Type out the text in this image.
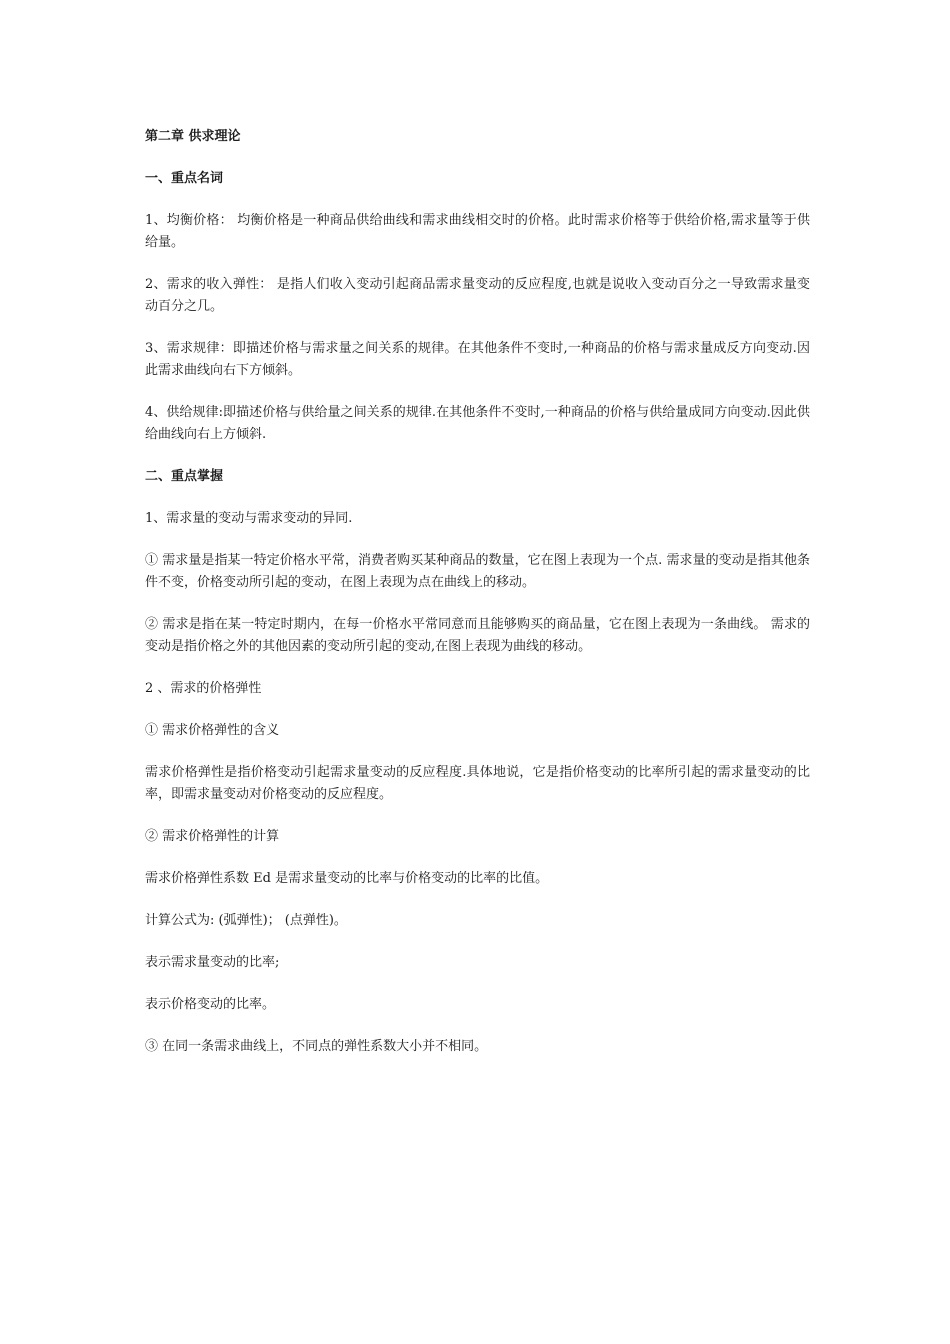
第二章 供求理论
一、重点名词

1、均衡价格： 均衡价格是一种商品供给曲线和需求曲线相交时的价格。此时需求价格等于供给价格,需求量等于供给量。

2、需求的收入弹性： 是指人们收入变动引起商品需求量变动的反应程度,也就是说收入变动百分之一导致需求量变动百分之几。

3、需求规律：即描述价格与需求量之间关系的规律。在其他条件不变时,一种商品的价格与需求量成反方向变动.因此需求曲线向右下方倾斜。

4、供给规律:即描述价格与供给量之间关系的规律.在其他条件不变时,一种商品的价格与供给量成同方向变动.因此供给曲线向右上方倾斜.

二、重点掌握

1、需求量的变动与需求变动的异同.

① 需求量是指某一特定价格水平常，消费者购买某种商品的数量，它在图上表现为一个点. 需求量的变动是指其他条件不变，价格变动所引起的变动，在图上表现为点在曲线上的移动。

② 需求是指在某一特定时期内，在每一价格水平常同意而且能够购买的商品量，它在图上表现为一条曲线。 需求的变动是指价格之外的其他因素的变动所引起的变动,在图上表现为曲线的移动。

2 、需求的价格弹性

① 需求价格弹性的含义

需求价格弹性是指价格变动引起需求量变动的反应程度.具体地说，它是指价格变动的比率所引起的需求量变动的比率，即需求量变动对价格变动的反应程度。

② 需求价格弹性的计算

需求价格弹性系数 Ed 是需求量变动的比率与价格变动的比率的比值。

计算公式为: (弧弹性)； (点弹性)。

表示需求量变动的比率;

表示价格变动的比率。

③ 在同一条需求曲线上，不同点的弹性系数大小并不相同。
